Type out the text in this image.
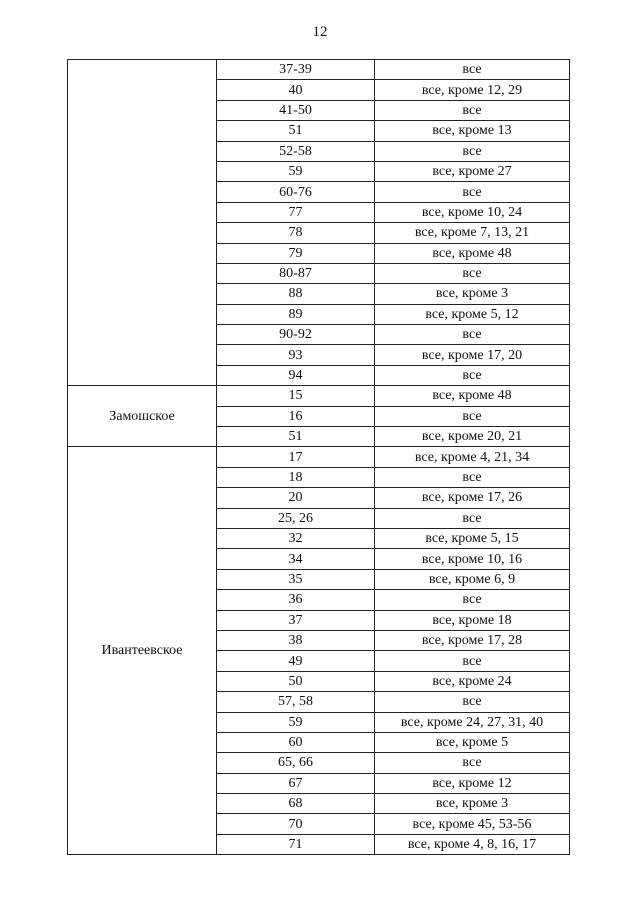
12
	37-39	все
	40	все, кроме 12, 29
	41-50	все
	51	все, кроме 13
	52-58	все
	59	все, кроме 27
	60-76	все
	77	все, кроме 10, 24
	78	все, кроме 7, 13, 21
	79	все, кроме 48
	80-87	все
	88	все, кроме 3
	89	все, кроме 5, 12
	90-92	все
	93	все, кроме 17, 20
	94	все
Замошское	15	все, кроме 48
	16	все
	51	все, кроме 20, 21
Ивантеевское	17	все, кроме 4, 21, 34
	18	все
	20	все, кроме 17, 26
	25, 26	все
	32	все, кроме 5, 15
	34	все, кроме 10, 16
	35	все, кроме 6, 9
	36	все
	37	все, кроме 18
	38	все, кроме 17, 28
	49	все
	50	все, кроме 24
	57, 58	все
	59	все, кроме 24, 27, 31, 40
	60	все, кроме 5
	65, 66	все
	67	все, кроме 12
	68	все, кроме 3
	70	все, кроме 45, 53-56
	71	все, кроме 4, 8, 16, 17
